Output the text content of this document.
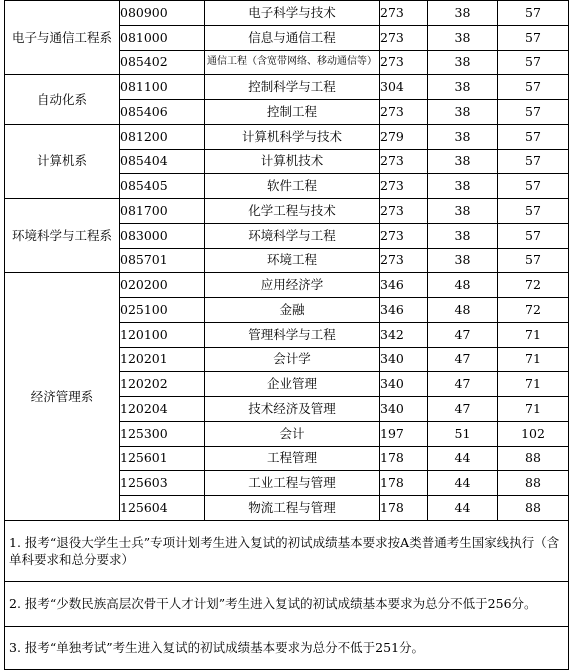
电子与通信工程系	080900	电子科学与技术	273	38	57
	081000	信息与通信工程	273	38	57
	085402	通信工程（含宽带网络、移动通信等）	273	38	57
自动化系	081100	控制科学与工程	304	38	57
	085406	控制工程	273	38	57
计算机系	081200	计算机科学与技术	279	38	57
	085404	计算机技术	273	38	57
	085405	软件工程	273	38	57
环境科学与工程系	081700	化学工程与技术	273	38	57
	083000	环境科学与工程	273	38	57
	085701	环境工程	273	38	57
经济管理系	020200	应用经济学	346	48	72
	025100	金融	346	48	72
	120100	管理科学与工程	342	47	71
	120201	会计学	340	47	71
	120202	企业管理	340	47	71
	120204	技术经济及管理	340	47	71
	125300	会计	197	51	102
	125601	工程管理	178	44	88
	125603	工业工程与管理	178	44	88
	125604	物流工程与管理	178	44	88
1. 报考“退役大学生士兵”专项计划考生进入复试的初试成绩基本要求按A类普通考生国家线执行（含单科要求和总分要求）					
2. 报考“少数民族高层次骨干人才计划”考生进入复试的初试成绩基本要求为总分不低于256分。					
3. 报考“单独考试”考生进入复试的初试成绩基本要求为总分不低于251分。					
